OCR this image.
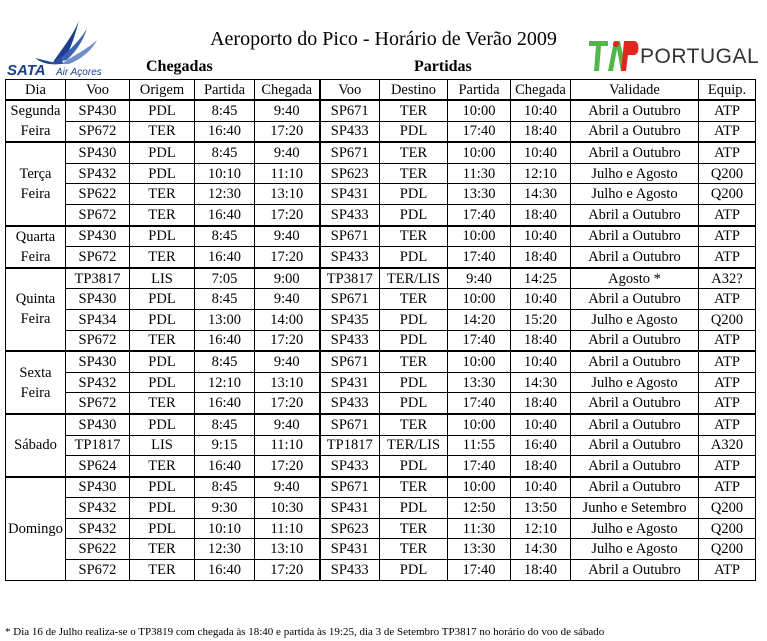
Aeroporto do Pico - Horário de Verão 2009
SATA Air Açores
TAP
PORTUGAL
Chegadas	Partidas
Dia	Voo	Origem	Partida	Chegada	Voo	Destino	Partida	Chegada	Validade	Equip.

Segunda
Feira	SP430	PDL	8:45	9:40	SP671	TER	10:00	10:40	Abril a Outubro	ATP
	SP672	TER	16:40	17:20	SP433	PDL	17:40	18:40	Abril a Outubro	ATP

Terça
Feira	SP430	PDL	8:45	9:40	SP671	TER	10:00	10:40	Abril a Outubro	ATP
	SP432	PDL	10:10	11:10	SP623	TER	11:30	12:10	Julho e Agosto	Q200
	SP622	TER	12:30	13:10	SP431	PDL	13:30	14:30	Julho e Agosto	Q200
	SP672	TER	16:40	17:20	SP433	PDL	17:40	18:40	Abril a Outubro	ATP

Quarta
Feira	SP430	PDL	8:45	9:40	SP671	TER	10:00	10:40	Abril a Outubro	ATP
	SP672	TER	16:40	17:20	SP433	PDL	17:40	18:40	Abril a Outubro	ATP

Quinta
Feira	TP3817	LIS	7:05	9:00	TP3817	TER/LIS	9:40	14:25	Agosto *	A32?
	SP430	PDL	8:45	9:40	SP671	TER	10:00	10:40	Abril a Outubro	ATP
	SP434	PDL	13:00	14:00	SP435	PDL	14:20	15:20	Julho e Agosto	Q200
	SP672	TER	16:40	17:20	SP433	PDL	17:40	18:40	Abril a Outubro	ATP

Sexta
Feira	SP430	PDL	8:45	9:40	SP671	TER	10:00	10:40	Abril a Outubro	ATP
	SP432	PDL	12:10	13:10	SP431	PDL	13:30	14:30	Julho e Agosto	ATP
	SP672	TER	16:40	17:20	SP433	PDL	17:40	18:40	Abril a Outubro	ATP

Sábado	SP430	PDL	8:45	9:40	SP671	TER	10:00	10:40	Abril a Outubro	ATP
	TP1817	LIS	9:15	11:10	TP1817	TER/LIS	11:55	16:40	Abril a Outubro	A320
	SP624	TER	16:40	17:20	SP433	PDL	17:40	18:40	Abril a Outubro	ATP

Domingo	SP430	PDL	8:45	9:40	SP671	TER	10:00	10:40	Abril a Outubro	ATP
	SP432	PDL	9:30	10:30	SP431	PDL	12:50	13:50	Junho e Setembro	Q200
	SP432	PDL	10:10	11:10	SP623	TER	11:30	12:10	Julho e Agosto	Q200
	SP622	TER	12:30	13:10	SP431	TER	13:30	14:30	Julho e Agosto	Q200
	SP672	TER	16:40	17:20	SP433	PDL	17:40	18:40	Abril a Outubro	ATP
* Dia 16 de Julho realiza-se o TP3819 com chegada às 18:40 e partida às 19:25, dia 3 de Setembro TP3817 no horário do voo de sábado
